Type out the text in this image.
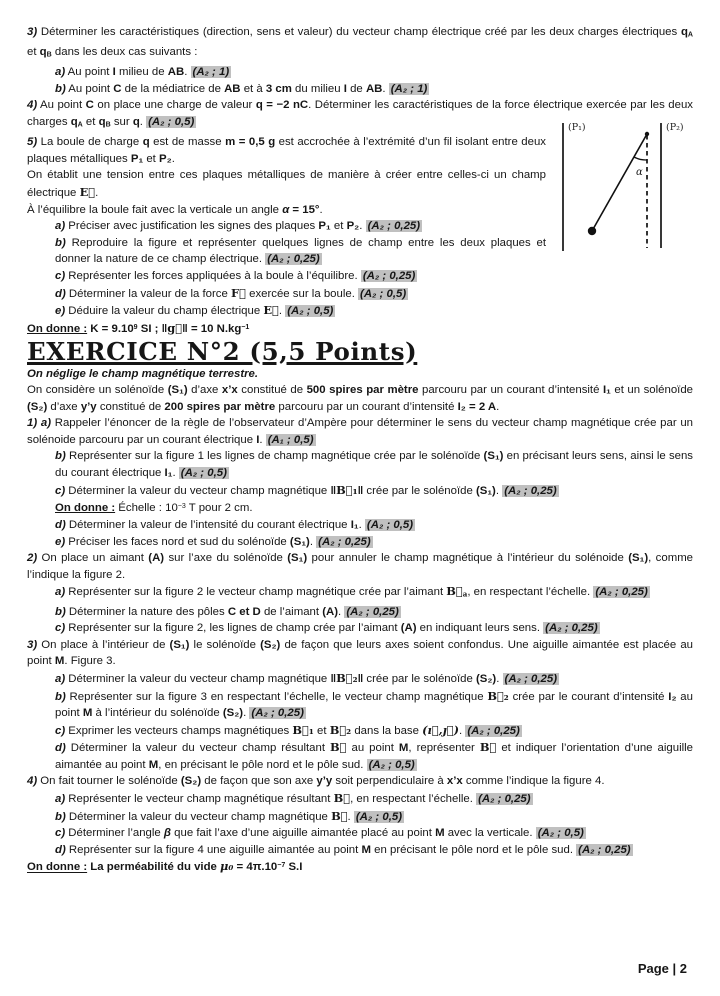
3) Déterminer les caractéristiques (direction, sens et valeur) du vecteur champ électrique créé par les deux charges électriques qA et qB dans les deux cas suivants :

a) Au point I milieu de AB. (A₂ ; 1)

b) Au point C de la médiatrice de AB et à 3 cm du milieu I de AB. (A₂ ; 1)

4) Au point C on place une charge de valeur q = −2 nC. Déterminer les caractéristiques de la force électrique exercée par les deux charges qA et qB sur q. (A₂ ; 0,5)

5) La boule de charge q est de masse m = 0,5 g est accrochée à l’extrémité d’un fil isolant entre deux plaques métalliques P₁ et P₂.

On établit une tension entre ces plaques métalliques de manière à créer entre celles-ci un champ électrique E⃗.

À l’équilibre la boule fait avec la verticale un angle α = 15°.

a) Préciser avec justification les signes des plaques P₁ et P₂. (A₂ ; 0,25)

b) Reproduire la figure et représenter quelques lignes de champ entre les deux plaques et donner la nature de ce champ électrique. (A₂ ; 0,25)

c) Représenter les forces appliquées à la boule à l’équilibre. (A₂ ; 0,25)

d) Déterminer la valeur de la force F⃗ exercée sur la boule. (A₂ ; 0,5)

e) Déduire la valeur du champ électrique E⃗. (A₂ ; 0,5)

On donne : $K = 9.10^9$ SI ; ‖g⃗‖ = 10 $N.kg^{-1}$

EXERCICE N°2 (5,5 Points)

On néglige le champ magnétique terrestre.

On considère un solénoïde (S₁) d’axe x’x constitué de 500 spires par mètre parcouru par un courant d’intensité I₁ et un solénoïde (S₂) d’axe y’y constitué de 200 spires par mètre parcouru par un courant d’intensité I₂ = 2 A.

1) a) Rappeler l’énoncer de la règle de l’observateur d’Ampère pour déterminer le sens du vecteur champ magnétique crée par un solénoide parcouru par un courant électrique I. (A₁ ; 0,5)

b) Représenter sur la figure 1 les lignes de champ magnétique crée par le solénoïde (S₁) en précisant leurs sens, ainsi le sens du courant électrique I₁. (A₂ ; 0,5)

c) Déterminer la valeur du vecteur champ magnétique ‖B⃗₁‖ crée par le solénoïde (S₁). (A₂ ; 0,25)

On donne : Échelle : $10^{-3}$ T pour 2 cm.

d) Déterminer la valeur de l’intensité du courant électrique I₁. (A₂ ; 0,5)

e) Préciser les faces nord et sud du solénoïde (S₁). (A₂ ; 0,25)

2) On place un aimant (A) sur l’axe du solénoïde (S₁) pour annuler le champ magnétique à l’intérieur du solénoide (S₁), comme l’indique la figure 2.

a) Représenter sur la figure 2 le vecteur champ magnétique crée par l’aimant B⃗a, en respectant l’échelle. (A₂ ; 0,25)

b) Déterminer la nature des pôles C et D de l’aimant (A). (A₂ ; 0,25)

c) Représenter sur la figure 2, les lignes de champ crée par l’aimant (A) en indiquant leurs sens. (A₂ ; 0,25)

3) On place à l’intérieur de (S₁) le solénoïde (S₂) de façon que leurs axes soient confondus. Une aiguille aimantée est placée au point M. Figure 3.

a) Déterminer la valeur du vecteur champ magnétique ‖B⃗₂‖ crée par le solénoïde (S₂). (A₂ ; 0,25)

b) Représenter sur la figure 3 en respectant l’échelle, le vecteur champ magnétique B⃗₂ crée par le courant d’intensité I₂ au point M à l’intérieur du solénoïde (S₂). (A₂ ; 0,25)

c) Exprimer les vecteurs champs magnétiques B⃗₁ et B⃗₂ dans la base (ı⃗,ȷ⃗). (A₂ ; 0,25)

d) Déterminer la valeur du vecteur champ résultant B⃗ au point M, représenter B⃗ et indiquer l’orientation d’une aiguille aimantée au point M, en précisant le pôle nord et le pôle sud. (A₂ ; 0,5)

4) On fait tourner le solénoïde (S₂) de façon que son axe y’y soit perpendiculaire à x’x comme l’indique la figure 4.

a) Représenter le vecteur champ magnétique résultant B⃗, en respectant l’échelle. (A₂ ; 0,25)

b) Déterminer la valeur du vecteur champ magnétique B⃗. (A₂ ; 0,5)

c) Déterminer l’angle β que fait l’axe d’une aiguille aimantée placé au point M avec la verticale. (A₂ ; 0,5)

d) Représenter sur la figure 4 une aiguille aimantée au point M en précisant le pôle nord et le pôle sud. (A₂ ; 0,25)

On donne : La perméabilité du vide $\mu_0 = 4\pi.10^{-7}$ S.I

(P₁)	(P₂)
α
Page | 2
